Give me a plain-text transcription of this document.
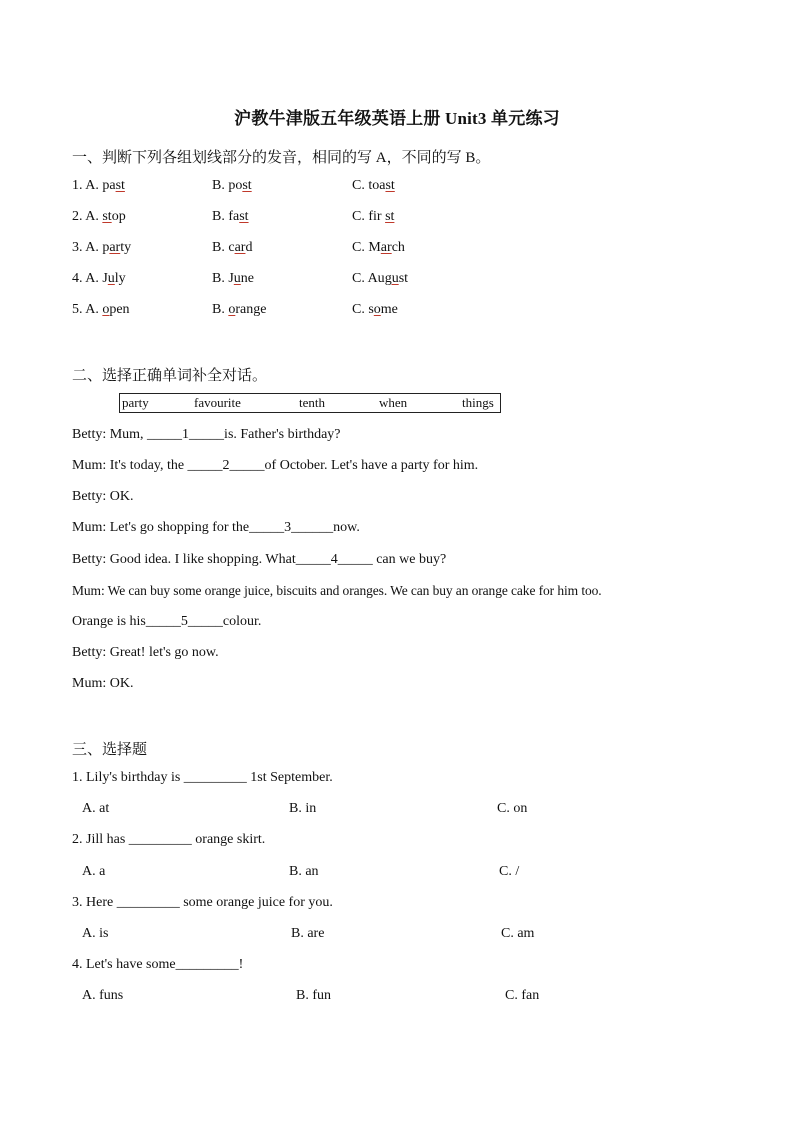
沪教牛津版五年级英语上册 Unit3 单元练习
一、判断下列各组划线部分的发音，相同的写 A，不同的写 B。
1. A. past	B. post	C. toast
2. A. stop	B. fast	C. fir st
3. A. party	B. card	C. March
4. A. July	B. June	C. August
5. A. open	B. orange	C. some
二、选择正确单词补全对话。
party	favourite	tenth	when	things
Betty: Mum, _____1_____is. Father's birthday?
Mum: It's today, the _____2_____of October. Let's have a party for him.
Betty: OK.
Mum: Let's go shopping for the_____3______now.
Betty: Good idea. I like shopping. What_____4_____ can we buy?
Mum: We can buy some orange juice, biscuits and oranges. We can buy an orange cake for him too.
Orange is his_____5_____colour.
Betty: Great! let's go now.
Mum: OK.
三、选择题
1. Lily's birthday is _________ 1st September.
A. at	B. in	C. on
2. Jill has _________ orange skirt.
A. a	B. an	C. /
3. Here _________ some orange juice for you.
A. is	B. are	C. am
4. Let's have some_________!
A. funs	B. fun	C. fan
